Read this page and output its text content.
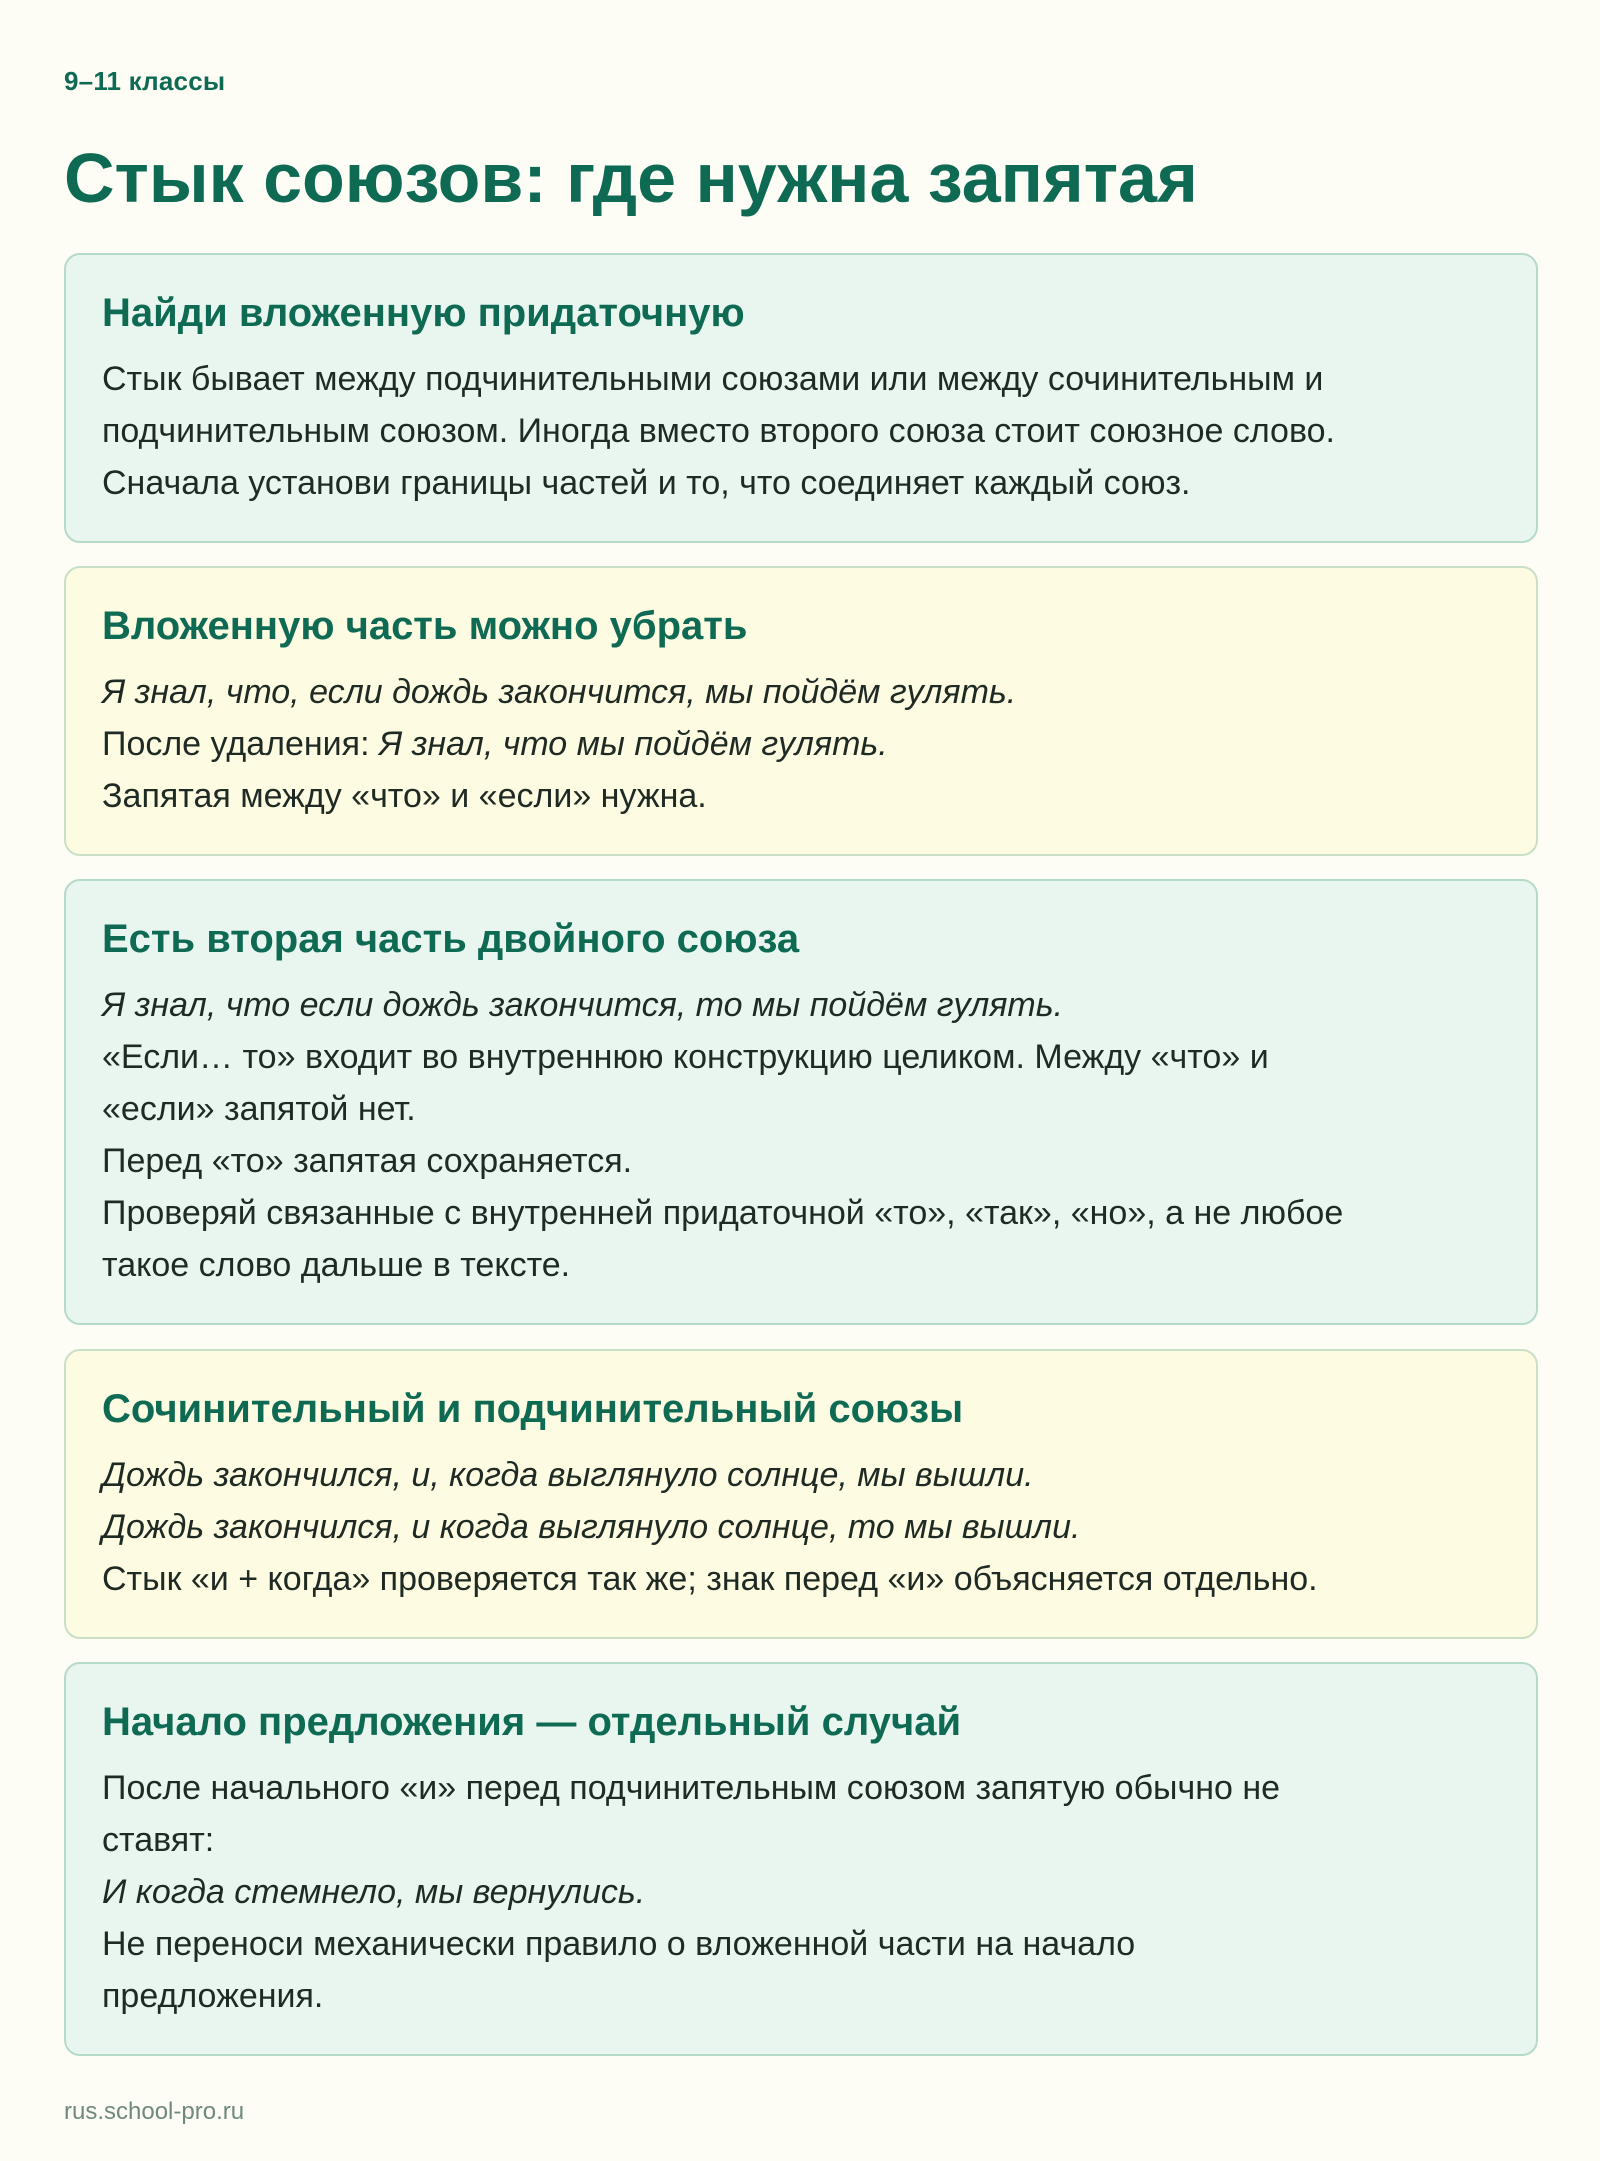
9–11 классы
Стык союзов: где нужна запятая
Найди вложенную придаточную
Стык бывает между подчинительными союзами или между сочинительным и
подчинительным союзом. Иногда вместо второго союза стоит союзное слово.
Сначала установи границы частей и то, что соединяет каждый союз.
Вложенную часть можно убрать
Я знал, что, если дождь закончится, мы пойдём гулять.
После удаления: Я знал, что мы пойдём гулять.
Запятая между «что» и «если» нужна.
Есть вторая часть двойного союза
Я знал, что если дождь закончится, то мы пойдём гулять.
«Если… то» входит во внутреннюю конструкцию целиком. Между «что» и
«если» запятой нет.
Перед «то» запятая сохраняется.
Проверяй связанные с внутренней придаточной «то», «так», «но», а не любое
такое слово дальше в тексте.
Сочинительный и подчинительный союзы
Дождь закончился, и, когда выглянуло солнце, мы вышли.
Дождь закончился, и когда выглянуло солнце, то мы вышли.
Стык «и + когда» проверяется так же; знак перед «и» объясняется отдельно.
Начало предложения — отдельный случай
После начального «и» перед подчинительным союзом запятую обычно не
ставят:
И когда стемнело, мы вернулись.
Не переноси механически правило о вложенной части на начало
предложения.
rus.school-pro.ru
